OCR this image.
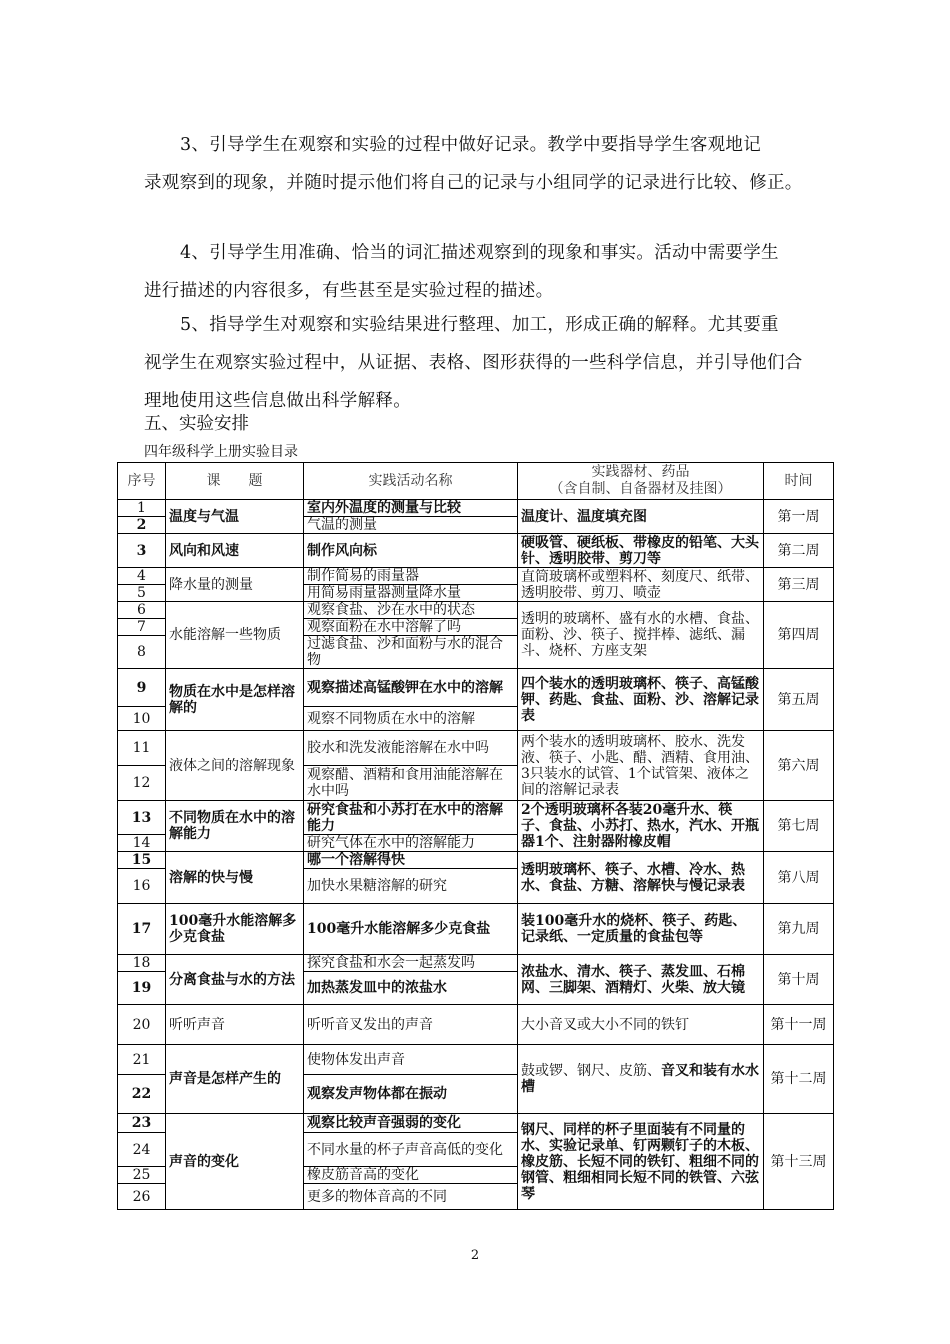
3、引导学生在观察和实验的过程中做好记录。教学中要指导学生客观地记
录观察到的现象，并随时提示他们将自己的记录与小组同学的记录进行比较、修正。
4、引导学生用准确、恰当的词汇描述观察到的现象和事实。活动中需要学生
进行描述的内容很多，有些甚至是实验过程的描述。
5、指导学生对观察和实验结果进行整理、加工，形成正确的解释。尤其要重
视学生在观察实验过程中，从证据、表格、图形获得的一些科学信息，并引导他们合理地使用这些信息做出科学解释。
五、实验安排
四年级科学上册实验目录
序号	课　　题	实践活动名称	实践器材、药品
（含自制、自备器材及挂图）	时间
1	温度与气温	室内外温度的测量与比较	温度计、温度填充图	第一周
2		气温的测量		
3	风向和风速	制作风向标	硬吸管、硬纸板、带橡皮的铅笔、大头针、透明胶带、剪刀等	第二周
4	降水量的测量	制作简易的雨量器	直筒玻璃杯或塑料杯、刻度尺、纸带、透明胶带、剪刀、喷壶	第三周
5		用简易雨量器测量降水量		
6	水能溶解一些物质	观察食盐、沙在水中的状态	透明的玻璃杯、盛有水的水槽、食盐、面粉、沙、筷子、搅拌棒、滤纸、漏斗、烧杯、方座支架	第四周
7		观察面粉在水中溶解了吗		
8		过滤食盐、沙和面粉与水的混合物		
9	物质在水中是怎样溶解的	观察描述高锰酸钾在水中的溶解	四个装水的透明玻璃杯、筷子、高锰酸钾、药匙、食盐、面粉、沙、溶解记录表	第五周
10		观察不同物质在水中的溶解		
11	液体之间的溶解现象	胶水和洗发液能溶解在水中吗	两个装水的透明玻璃杯、胶水、洗发液、筷子、小匙、醋、酒精、食用油、3只装水的试管、1个试管架、液体之间的溶解记录表	第六周
12		观察醋、酒精和食用油能溶解在水中吗		
13	不同物质在水中的溶解能力	研究食盐和小苏打在水中的溶解能力	2个透明玻璃杯各装20毫升水、筷子、食盐、小苏打、热水，汽水、开瓶器1个、注射器附橡皮帽	第七周
14		研究气体在水中的溶解能力		
15	溶解的快与慢	哪一个溶解得快	透明玻璃杯、筷子、水槽、冷水、热水、食盐、方糖、溶解快与慢记录表	第八周
16		加快水果糖溶解的研究		
17	100毫升水能溶解多少克食盐	100毫升水能溶解多少克食盐	装100毫升水的烧杯、筷子、药匙、记录纸、一定质量的食盐包等	第九周
18	分离食盐与水的方法	探究食盐和水会一起蒸发吗	浓盐水、清水、筷子、蒸发皿、石棉网、三脚架、酒精灯、火柴、放大镜	第十周
19		加热蒸发皿中的浓盐水		
20	听听声音	听听音叉发出的声音	大小音叉或大小不同的铁钉	第十一周
21	声音是怎样产生的	使物体发出声音	鼓或锣、钢尺、皮筋、音叉和装有水水槽	第十二周
22		观察发声物体都在振动		
23	声音的变化	观察比较声音强弱的变化	钢尺、同样的杯子里面装有不同量的水、实验记录单、钉两颗钉子的木板、橡皮筋、长短不同的铁钉、粗细不同的钢管、粗细相同长短不同的铁管、六弦琴	第十三周
24		不同水量的杯子声音高低的变化		
25		橡皮筋音高的变化		
26		更多的物体音高的不同		
2
